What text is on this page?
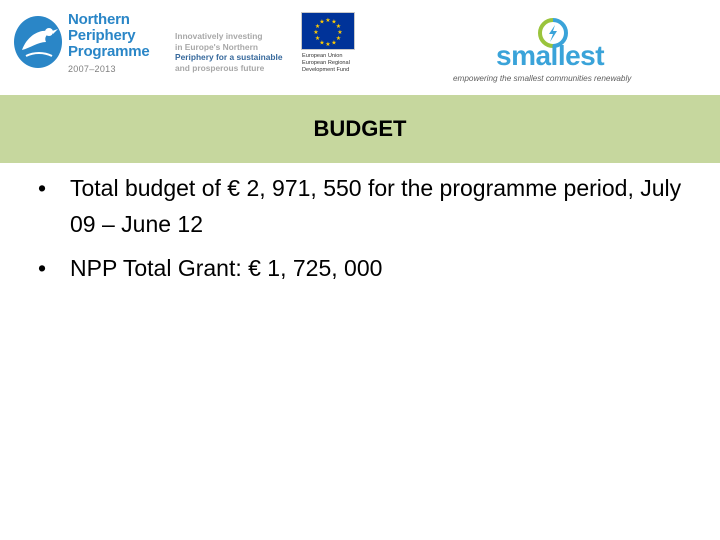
Northern
Periphery
Programme
2007–2013
Innovatively investing
in Europe's Northern
Periphery for a sustainable
and prosperous future
★ ★
★
★
★
★
★
★
★
★
★
★
European Union
European Regional
Development Fund	smallest
empowering the smallest communities renewably
BUDGET
• Total budget of € 2, 971, 550 for the programme period, July 09 – June 12
• NPP Total Grant: € 1, 725, 000
